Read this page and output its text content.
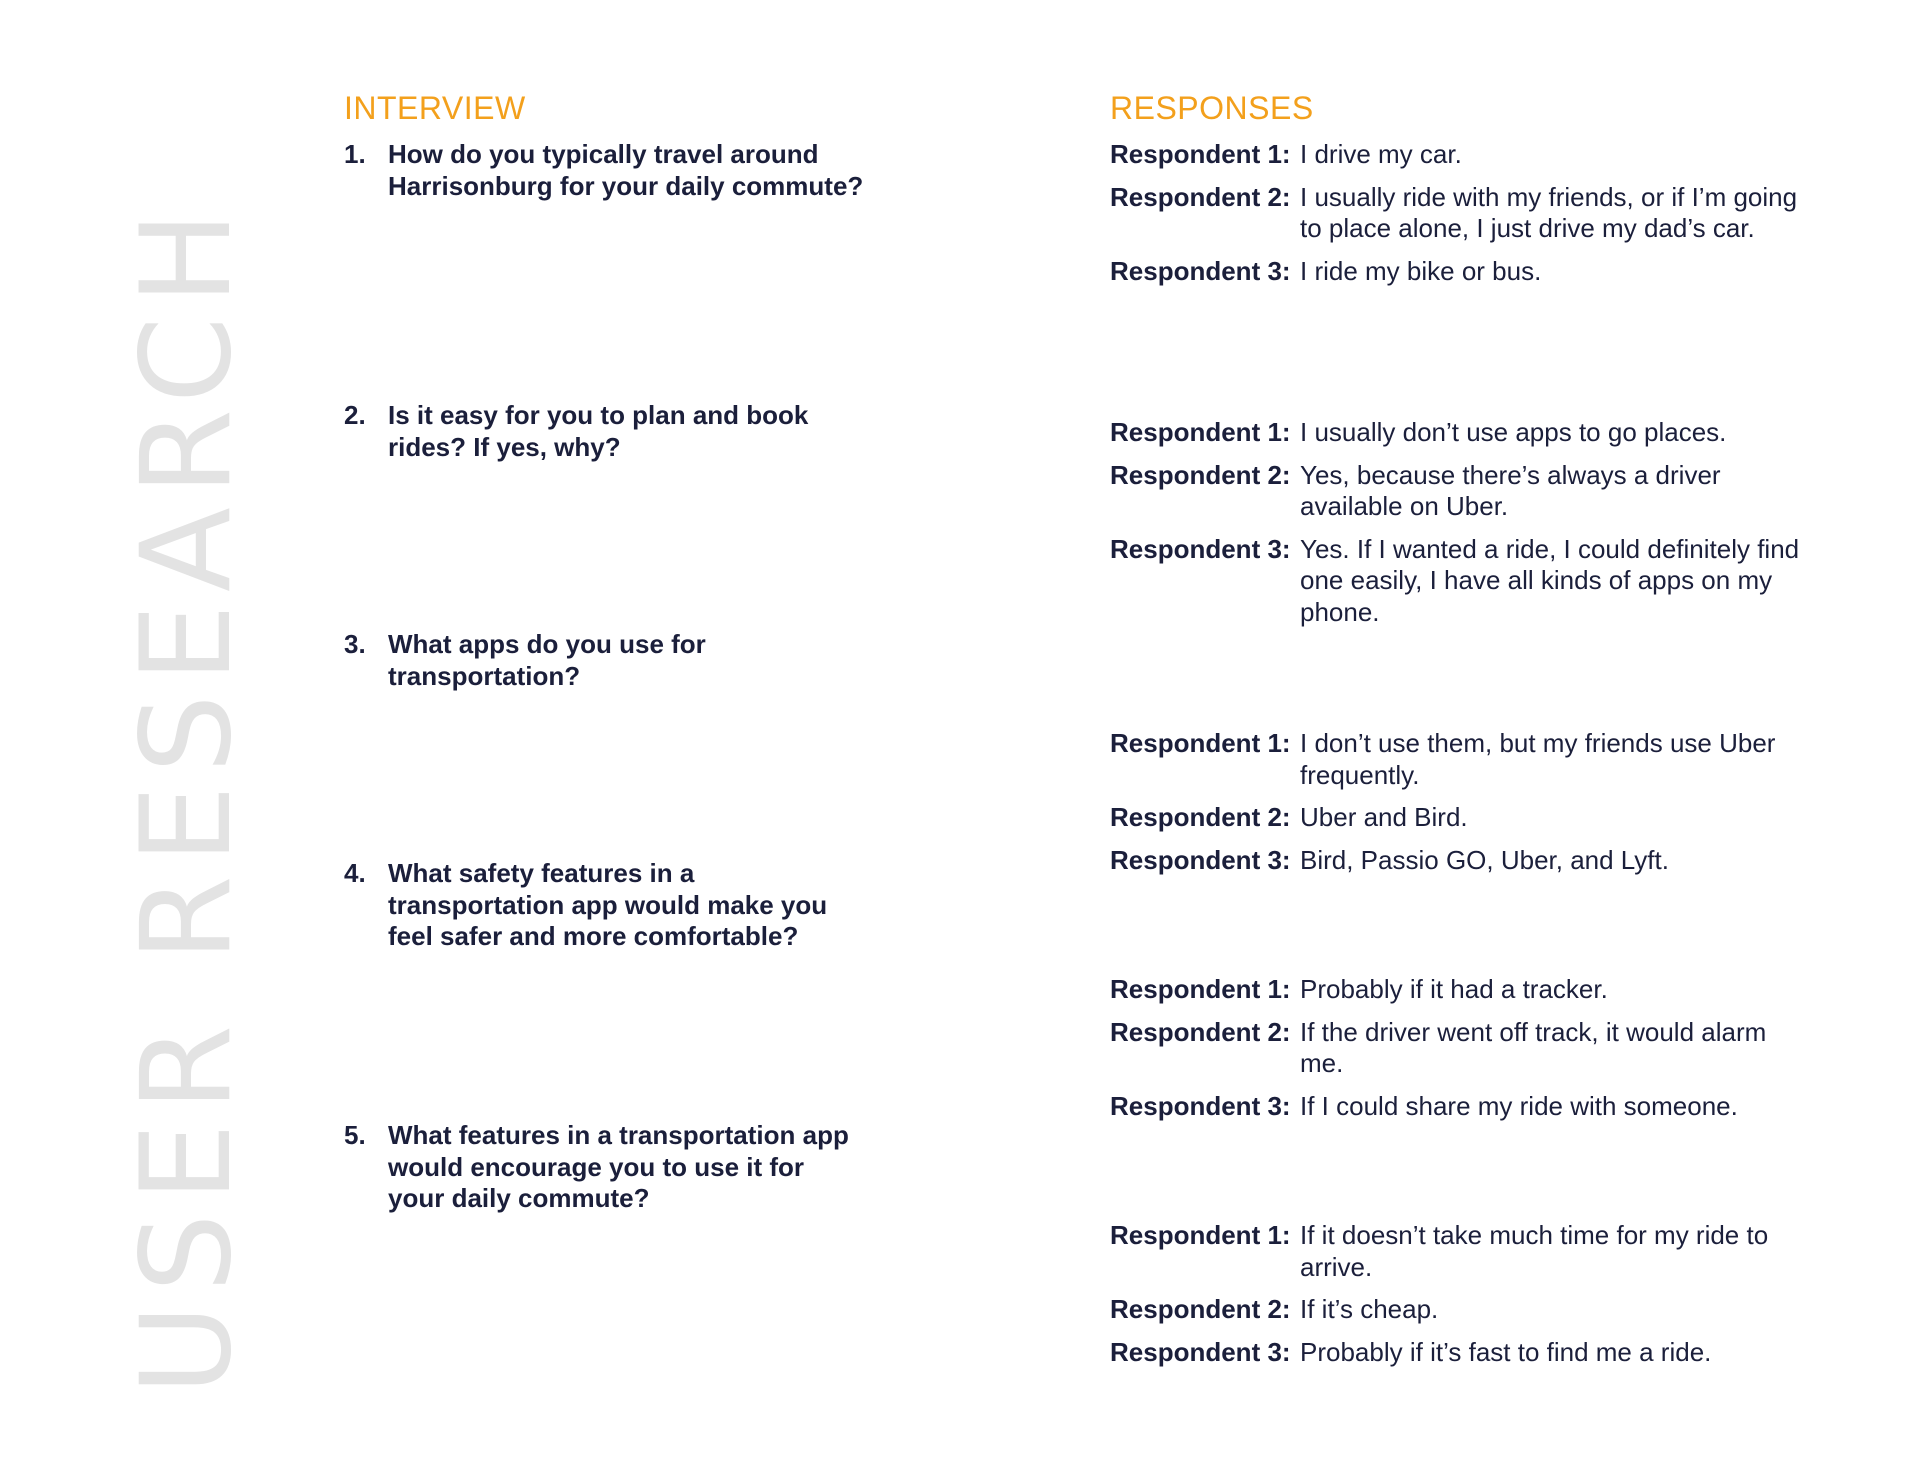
USER RESEARCH
INTERVIEW	RESPONSES
1. How do you typically travel around Harrisonburg for your daily commute?
2. Is it easy for you to plan and book rides? If yes, why?
3. What apps do you use for transportation?
4. What safety features in a transportation app would make you feel safer and more comfortable?
5. What features in a transportation app would encourage you to use it for your daily commute?
Respondent 1: I drive my car.
Respondent 2: I usually ride with my friends, or if I’m going to place alone, I just drive my dad’s car.
Respondent 3: I ride my bike or bus.
Respondent 1: I usually don’t use apps to go places.
Respondent 2: Yes, because there’s always a driver available on Uber.
Respondent 3: Yes. If I wanted a ride, I could definitely find one easily, I have all kinds of apps on my phone.
Respondent 1: I don’t use them, but my friends use Uber frequently.
Respondent 2: Uber and Bird.
Respondent 3: Bird, Passio GO, Uber, and Lyft.
Respondent 1: Probably if it had a tracker.
Respondent 2: If the driver went off track, it would alarm me.
Respondent 3: If I could share my ride with someone.
Respondent 1: If it doesn’t take much time for my ride to arrive.
Respondent 2: If it’s cheap.
Respondent 3: Probably if it’s fast to find me a ride.
